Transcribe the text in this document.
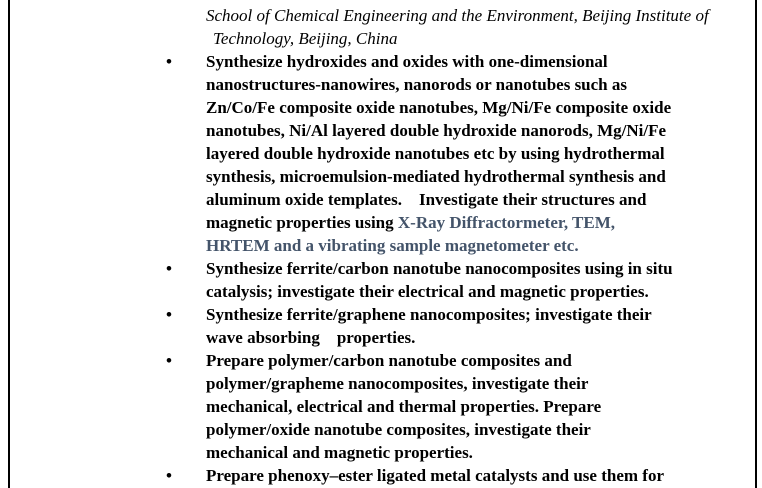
School of Chemical Engineering and the Environment, Beijing Institute of
Technology, Beijing, China
• Synthesize hydroxides and oxides with one-dimensional
nanostructures-nanowires, nanorods or nanotubes such as
Zn/Co/Fe composite oxide nanotubes, Mg/Ni/Fe composite oxide
nanotubes, Ni/Al layered double hydroxide nanorods, Mg/Ni/Fe
layered double hydroxide nanotubes etc by using hydrothermal
synthesis, microemulsion-mediated hydrothermal synthesis and
aluminum oxide templates.    Investigate their structures and
magnetic properties using X-Ray Diffractormeter, TEM,
HRTEM and a vibrating sample magnetometer etc.
• Synthesize ferrite/carbon nanotube nanocomposites using in situ
catalysis; investigate their electrical and magnetic properties.
• Synthesize ferrite/graphene nanocomposites; investigate their
wave absorbing    properties.
• Prepare polymer/carbon nanotube composites and
polymer/grapheme nanocomposites, investigate their
mechanical, electrical and thermal properties. Prepare
polymer/oxide nanotube composites, investigate their
mechanical and magnetic properties.
• Prepare phenoxy–ester ligated metal catalysts and use them for
